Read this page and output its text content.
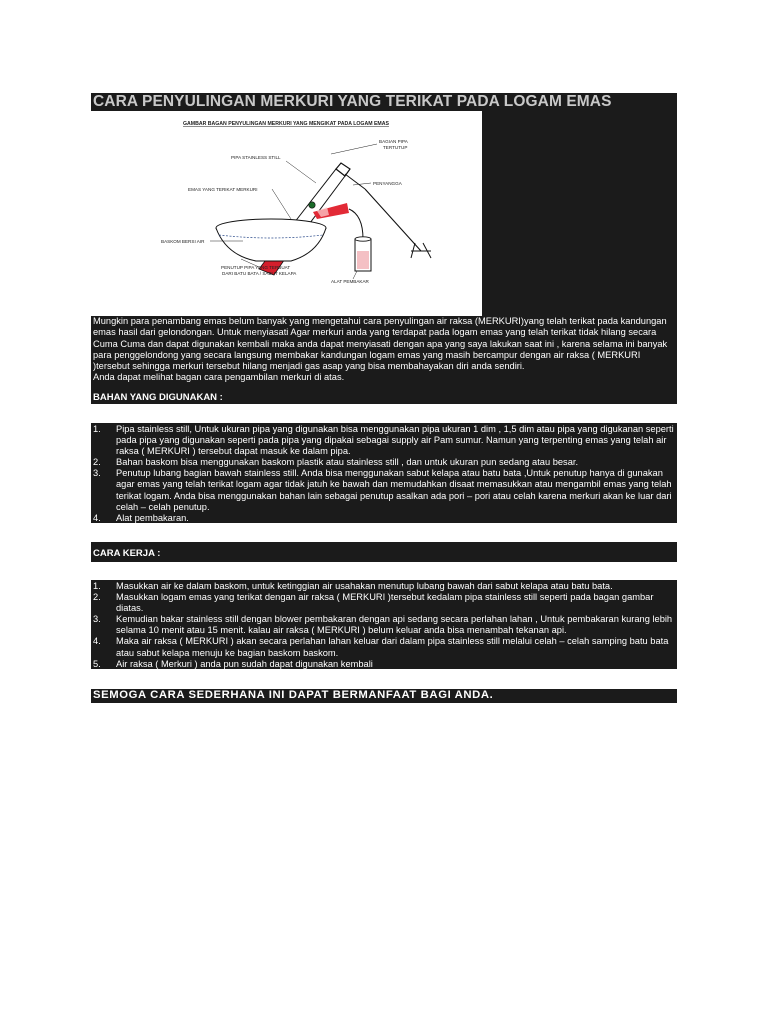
CARA PENYULINGAN MERKURI YANG TERIKAT PADA LOGAM EMAS

Mungkin para penambang emas belum banyak yang mengetahui cara penyulingan air raksa (MERKURI)yang telah terikat pada kandungan emas hasil dari gelondongan. Untuk menyiasati Agar merkuri anda yang terdapat pada logam emas yang telah terikat tidak hilang secara Cuma Cuma dan dapat digunakan kembali maka anda dapat menyiasati dengan apa yang saya lakukan saat ini , karena selama ini banyak para penggelondong yang secara langsung membakar kandungan logam emas yang masih bercampur dengan air raksa ( MERKURI )tersebut sehingga merkuri tersebut hilang menjadi gas asap yang bisa membahayakan diri anda sendiri.

Anda dapat melihat bagan cara pengambilan merkuri di atas.

BAHAN YANG DIGUNAKAN :
GAMBAR BAGAN PENYULINGAN MERKURI YANG MENGIKAT PADA LOGAM EMAS
BAGIAN PIPA
TERTUTUP
PIPA STAINLESS STILL
PENYANGGA
EMAS YANG TERIKAT MERKURI
BASKOM BERSI AIR
PENUTUP PIPA YANG TERBUAT
DARI BATU BATA / SABUT KELAPA
ALAT PEMBAKAR
1. Pipa stainless still, Untuk ukuran pipa yang digunakan bisa menggunakan pipa ukuran 1 dim , 1,5 dim atau pipa yang digukanan seperti pada pipa yang digunakan seperti pada pipa yang dipakai sebagai supply air Pam sumur. Namun yang terpenting emas yang telah air raksa ( MERKURI ) tersebut dapat masuk ke dalam pipa.
2. Bahan baskom bisa menggunakan baskom plastik atau stainless still , dan untuk ukuran pun sedang atau besar.
3. Penutup lubang bagian bawah stainless still. Anda bisa menggunakan sabut kelapa atau batu bata ,Untuk penutup hanya di gunakan agar emas yang telah terikat logam agar tidak jatuh ke bawah dan memudahkan disaat memasukkan atau mengambil emas yang telah terikat logam. Anda bisa menggunakan bahan lain sebagai penutup asalkan ada pori – pori atau celah karena merkuri akan ke luar dari celah – celah penutup.
4. Alat pembakaran.
CARA KERJA :
1. Masukkan air ke dalam baskom, untuk ketinggian air usahakan menutup lubang bawah dari sabut kelapa atau batu bata.
2. Masukkan logam emas yang terikat dengan air raksa ( MERKURI )tersebut kedalam pipa stainless still seperti pada bagan gambar diatas.
3. Kemudian bakar stainless still dengan blower pembakaran dengan api sedang secara perlahan lahan , Untuk pembakaran kurang lebih selama 10 menit atau 15 menit. kalau air raksa ( MERKURI ) belum keluar anda bisa menambah tekanan api.
4. Maka air raksa ( MERKURI ) akan secara perlahan lahan keluar dari dalam pipa stainless still melalui celah – celah samping batu bata atau sabut kelapa menuju ke bagian baskom baskom.
5. Air raksa ( Merkuri ) anda pun sudah dapat digunakan kembali
SEMOGA CARA SEDERHANA INI DAPAT BERMANFAAT BAGI ANDA.
